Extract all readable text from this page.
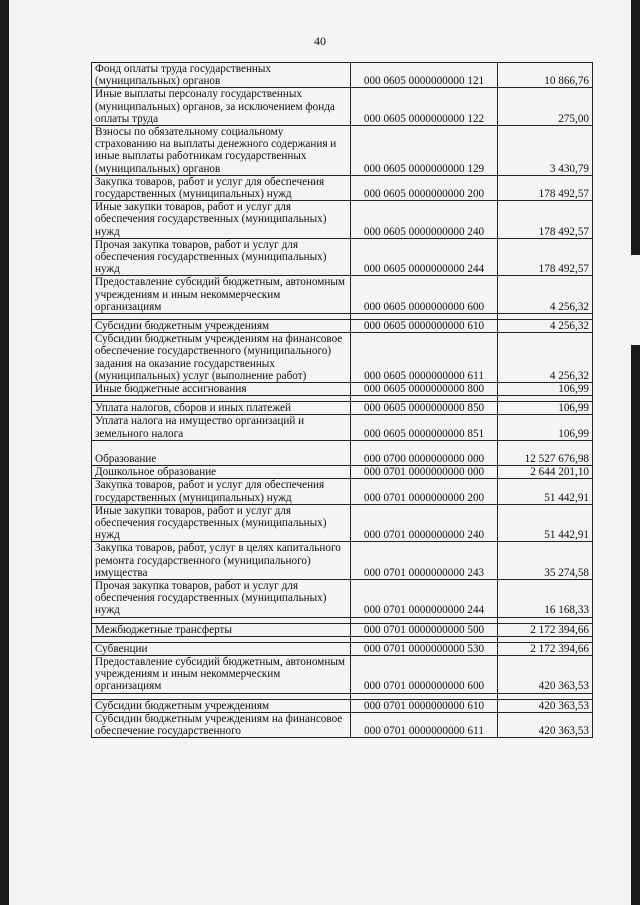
40
Фонд оплаты труда государственных (муниципальных) органов	000 0605 0000000000 121	10 866,76
Иные выплаты персоналу государственных (муниципальных) органов, за исключением фонда оплаты труда	000 0605 0000000000 122	275,00
Взносы по обязательному социальному страхованию на выплаты денежного содержания и иные выплаты работникам государственных (муниципальных) органов	000 0605 0000000000 129	3 430,79
Закупка товаров, работ и услуг для обеспечения государственных (муниципальных) нужд	000 0605 0000000000 200	178 492,57
Иные закупки товаров, работ и услуг для обеспечения государственных (муниципальных) нужд	000 0605 0000000000 240	178 492,57
Прочая закупка товаров, работ и услуг для обеспечения государственных (муниципальных) нужд	000 0605 0000000000 244	178 492,57
Предоставление субсидий бюджетным, автономным учреждениям и иным некоммерческим организациям	000 0605 0000000000 600	4 256,32

Субсидии бюджетным учреждениям	000 0605 0000000000 610	4 256,32
Субсидии бюджетным учреждениям на финансовое обеспечение государственного (муниципального) задания на оказание государственных (муниципальных) услуг (выполнение работ)	000 0605 0000000000 611	4 256,32
Иные бюджетные ассигнования	000 0605 0000000000 800	106,99

Уплата налогов, сборов и иных платежей	000 0605 0000000000 850	106,99
Уплата налога на имущество организаций и земельного налога	000 0605 0000000000 851	106,99
Образование	000 0700 0000000000 000	12 527 676,98
Дошкольное образование	000 0701 0000000000 000	2 644 201,10
Закупка товаров, работ и услуг для обеспечения государственных (муниципальных) нужд	000 0701 0000000000 200	51 442,91
Иные закупки товаров, работ и услуг для обеспечения государственных (муниципальных) нужд	000 0701 0000000000 240	51 442,91
Закупка товаров, работ, услуг в целях капитального ремонта государственного (муниципального) имущества	000 0701 0000000000 243	35 274,58
Прочая закупка товаров, работ и услуг для обеспечения государственных (муниципальных) нужд	000 0701 0000000000 244	16 168,33

Межбюджетные трансферты	000 0701 0000000000 500	2 172 394,66

Субвенции	000 0701 0000000000 530	2 172 394,66
Предоставление субсидий бюджетным, автономным учреждениям и иным некоммерческим организациям	000 0701 0000000000 600	420 363,53

Субсидии бюджетным учреждениям	000 0701 0000000000 610	420 363,53
Субсидии бюджетным учреждениям на финансовое обеспечение государственного	000 0701 0000000000 611	420 363,53
